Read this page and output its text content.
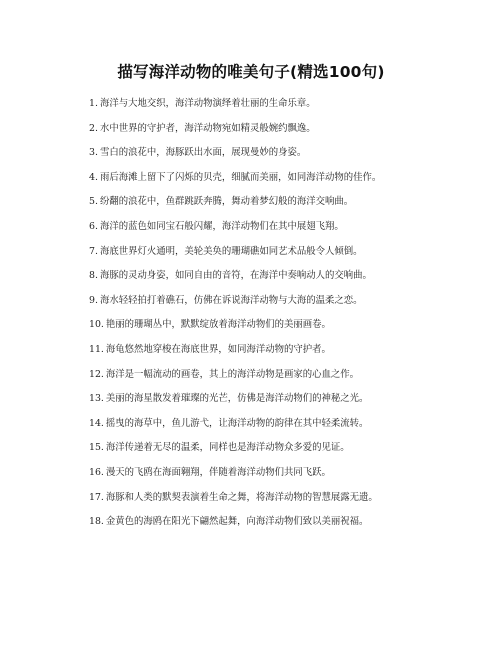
描写海洋动物的唯美句子(精选100句)
1. 海洋与大地交织，海洋动物演绎着壮丽的生命乐章。
2. 水中世界的守护者，海洋动物宛如精灵般婉约飘逸。
3. 雪白的浪花中，海豚跃出水面，展现曼妙的身姿。
4. 雨后海滩上留下了闪烁的贝壳，细腻而美丽，如同海洋动物的佳作。
5. 纷翻的浪花中，鱼群跳跃奔腾，舞动着梦幻般的海洋交响曲。
6. 海洋的蓝色如同宝石般闪耀，海洋动物们在其中展翅飞翔。
7. 海底世界灯火通明，美轮美奂的珊瑚礁如同艺术品般令人倾倒。
8. 海豚的灵动身姿，如同自由的音符，在海洋中奏响动人的交响曲。
9. 海水轻轻拍打着礁石，仿佛在诉说海洋动物与大海的温柔之恋。
10. 艳丽的珊瑚丛中，默默绽放着海洋动物们的美丽画卷。
11. 海龟悠然地穿梭在海底世界，如同海洋动物的守护者。
12. 海洋是一幅流动的画卷，其上的海洋动物是画家的心血之作。
13. 美丽的海星散发着璀璨的光芒，仿佛是海洋动物们的神秘之光。
14. 摇曳的海草中，鱼儿游弋，让海洋动物的韵律在其中轻柔流转。
15. 海洋传递着无尽的温柔，同样也是海洋动物众多爱的见证。
16. 漫天的飞鸥在海面翱翔，伴随着海洋动物们共同飞跃。
17. 海豚和人类的默契表演着生命之舞，将海洋动物的智慧展露无遗。
18. 金黄色的海鸥在阳光下翩然起舞，向海洋动物们致以美丽祝福。
